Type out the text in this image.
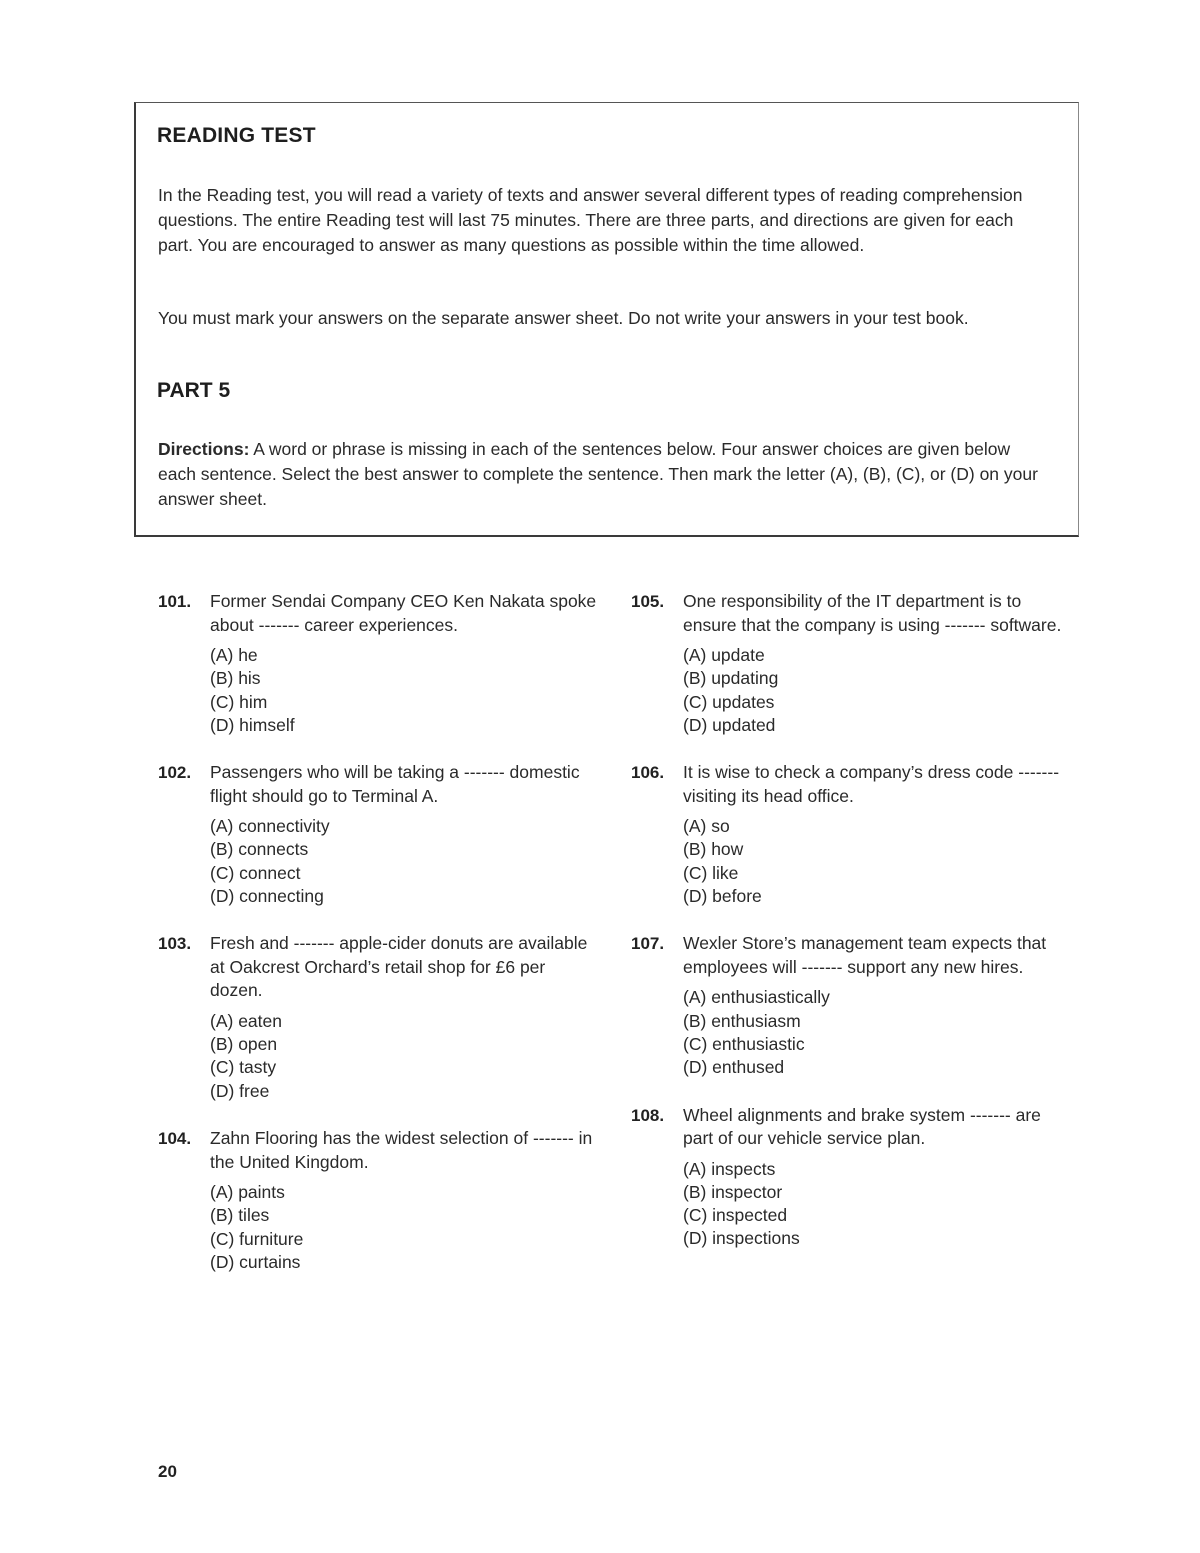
READING TEST

In the Reading test, you will read a variety of texts and answer several different types of reading comprehension questions. The entire Reading test will last 75 minutes. There are three parts, and directions are given for each part. You are encouraged to answer as many questions as possible within the time allowed.

You must mark your answers on the separate answer sheet. Do not write your answers in your test book.

PART 5

Directions: A word or phrase is missing in each of the sentences below. Four answer choices are given below each sentence. Select the best answer to complete the sentence. Then mark the letter (A), (B), (C), or (D) on your answer sheet.

101.	Former Sendai Company CEO Ken Nakata spoke about ------- career experiences.
(A) he
(B) his
(C) him
(D) himself
102.	Passengers who will be taking a ------- domestic flight should go to Terminal A.
(A) connectivity
(B) connects
(C) connect
(D) connecting
103.	Fresh and ------- apple-cider donuts are available at Oakcrest Orchard’s retail shop for £6 per dozen.
(A) eaten
(B) open
(C) tasty
(D) free
104.	Zahn Flooring has the widest selection of ------- in the United Kingdom.
(A) paints
(B) tiles
(C) furniture
(D) curtains
105.	One responsibility of the IT department is to ensure that the company is using ------- software.
(A) update
(B) updating
(C) updates
(D) updated
106.	It is wise to check a company’s dress code ------- visiting its head office.
(A) so
(B) how
(C) like
(D) before
107.	Wexler Store’s management team expects that employees will ------- support any new hires.
(A) enthusiastically
(B) enthusiasm
(C) enthusiastic
(D) enthused
108.	Wheel alignments and brake system ------- are part of our vehicle service plan.
(A) inspects
(B) inspector
(C) inspected
(D) inspections
20
